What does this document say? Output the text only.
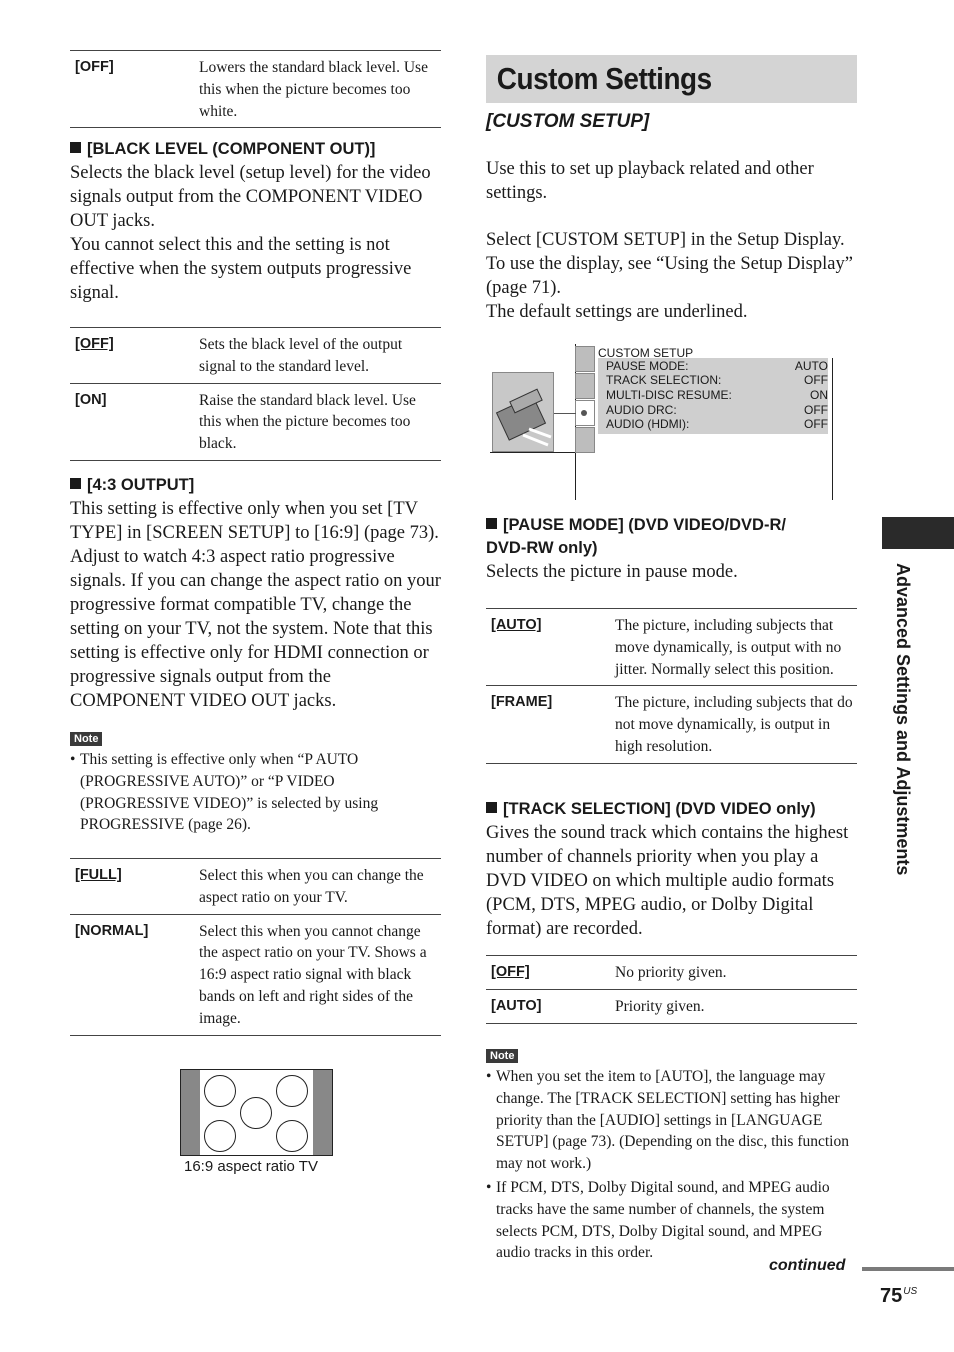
[OFF]	Lowers the standard black level. Use this when the picture becomes too white.
[BLACK LEVEL (COMPONENT OUT)]

Selects the black level (setup level) for the video signals output from the COMPONENT VIDEO OUT jacks.

You cannot select this and the setting is not effective when the system outputs progressive signal.

[OFF]	Sets the black level of the output signal to the standard level.
[ON]	Raise the standard black level. Use this when the picture becomes too black.
[4:3 OUTPUT]

This setting is effective only when you set [TV TYPE] in [SCREEN SETUP] to [16:9] (page 73). Adjust to watch 4:3 aspect ratio progressive signals. If you can change the aspect ratio on your progressive format compatible TV, change the setting on your TV, not the system. Note that this setting is effective only for HDMI connection or progressive signals output from the COMPONENT VIDEO OUT jacks.

Note
• This setting is effective only when “P AUTO (PROGRESSIVE AUTO)” or “P VIDEO (PROGRESSIVE VIDEO)” is selected by using PROGRESSIVE (page 26).
[FULL]	Select this when you can change the aspect ratio on your TV.
[NORMAL]	Select this when you cannot change the aspect ratio on your TV. Shows a 16:9 aspect ratio signal with black bands on left and right sides of the image.
16:9 aspect ratio TV
Custom Settings
[CUSTOM SETUP]

Use this to set up playback related and other settings.

Select [CUSTOM SETUP] in the Setup Display.

To use the display, see “Using the Setup Display” (page 71).

The default settings are underlined.

[PAUSE MODE] (DVD VIDEO/DVD-R/
DVD-RW only)

Selects the picture in pause mode.

[AUTO]	The picture, including subjects that move dynamically, is output with no jitter. Normally select this position.
[FRAME]	The picture, including subjects that do not move dynamically, is output in high resolution.
[TRACK SELECTION] (DVD VIDEO only)

Gives the sound track which contains the highest number of channels priority when you play a DVD VIDEO on which multiple audio formats (PCM, DTS, MPEG audio, or Dolby Digital format) are recorded.

[OFF]	No priority given.
[AUTO]	Priority given.
Note
• When you set the item to [AUTO], the language may change. The [TRACK SELECTION] setting has higher priority than the [AUDIO] settings in [LANGUAGE SETUP] (page 73). (Depending on the disc, this function may not work.)
• If PCM, DTS, Dolby Digital sound, and MPEG audio tracks have the same number of channels, the system selects PCM, DTS, Dolby Digital sound, and MPEG audio tracks in this order.
CUSTOM SETUP
PAUSE MODE:	AUTO
TRACK SELECTION:	OFF
MULTI-DISC RESUME:	ON
AUDIO DRC:	OFF
AUDIO (HDMI):	OFF
Advanced Settings and Adjustments
continued
$75^{US}$
